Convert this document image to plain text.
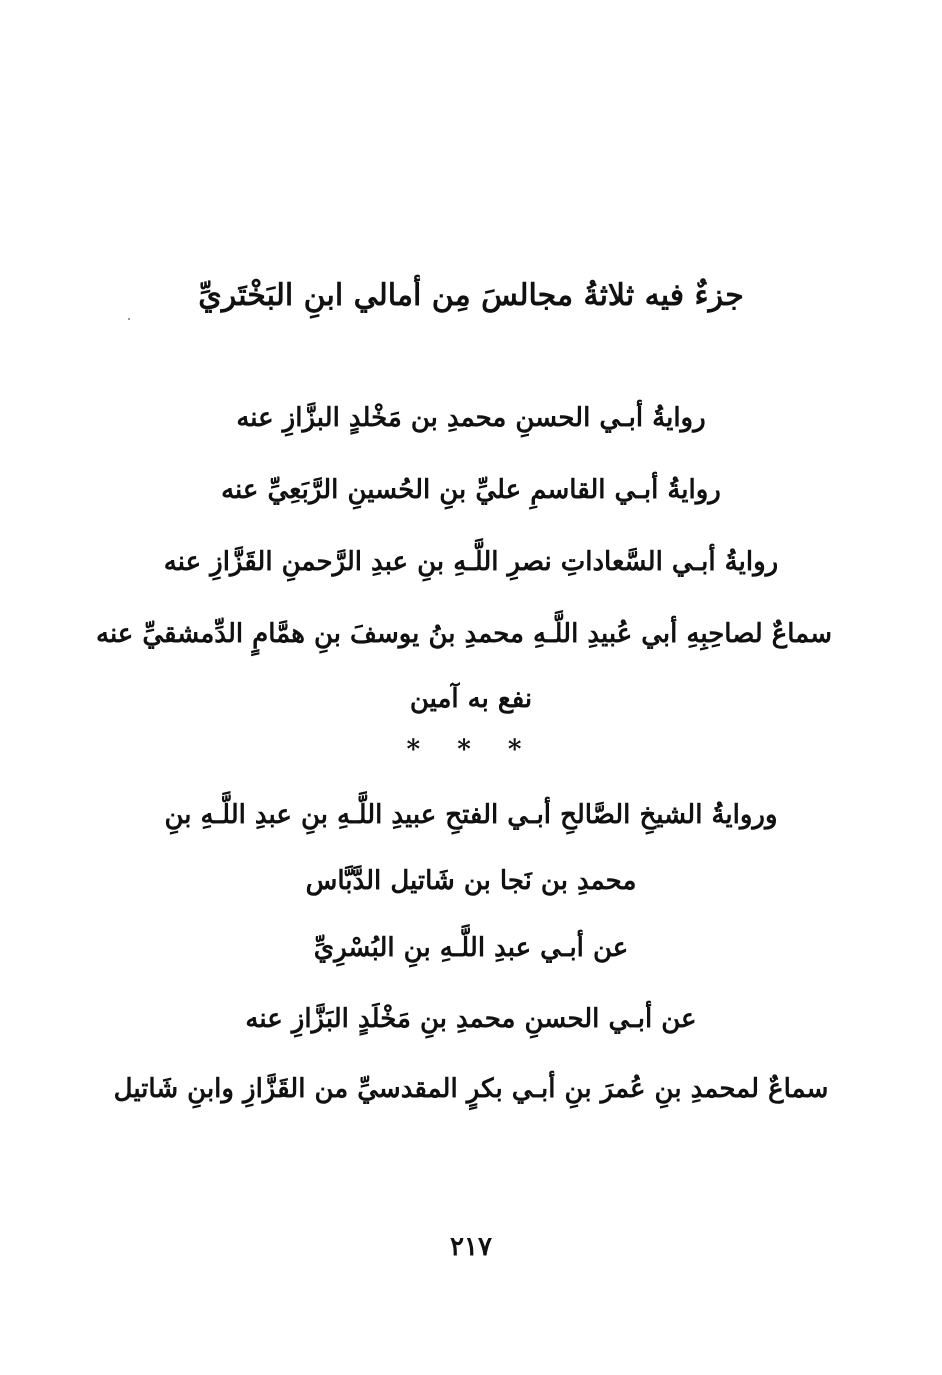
جزءٌ فيه ثلاثةُ مجالسَ مِن أمالي ابنِ البَخْتَريِّ
روايةُ أبـي الحسنِ محمدِ بن مَخْلدٍ البزَّازِ عنه
روايةُ أبـي القاسمِ عليِّ بنِ الحُسينِ الرَّبَعِيِّ عنه
روايةُ أبـي السَّعاداتِ نصرِ اللَّـهِ بنِ عبدِ الرَّحمنِ القَزَّازِ عنه
سماعٌ لصاحِبِهِ أبي عُبيدِ اللَّـهِ محمدِ بنُ يوسفَ بنِ همَّامٍ الدِّمشقيِّ عنه
نفع به آمين
* * *
وروايةُ الشيخِ الصَّالحِ أبـي الفتحِ عبيدِ اللَّـهِ بنِ عبدِ اللَّـهِ بنِ
محمدِ بن نَجا بن شَاتيل الدَّبَّاس
عن أبـي عبدِ اللَّـهِ بنِ البُسْرِيِّ
عن أبـي الحسنِ محمدِ بنِ مَخْلَدٍ البَزَّازِ عنه
سماعٌ لمحمدِ بنِ عُمرَ بنِ أبـي بكرٍ المقدسيِّ من القَزَّازِ وابنِ شَاتيل
٢١٧
